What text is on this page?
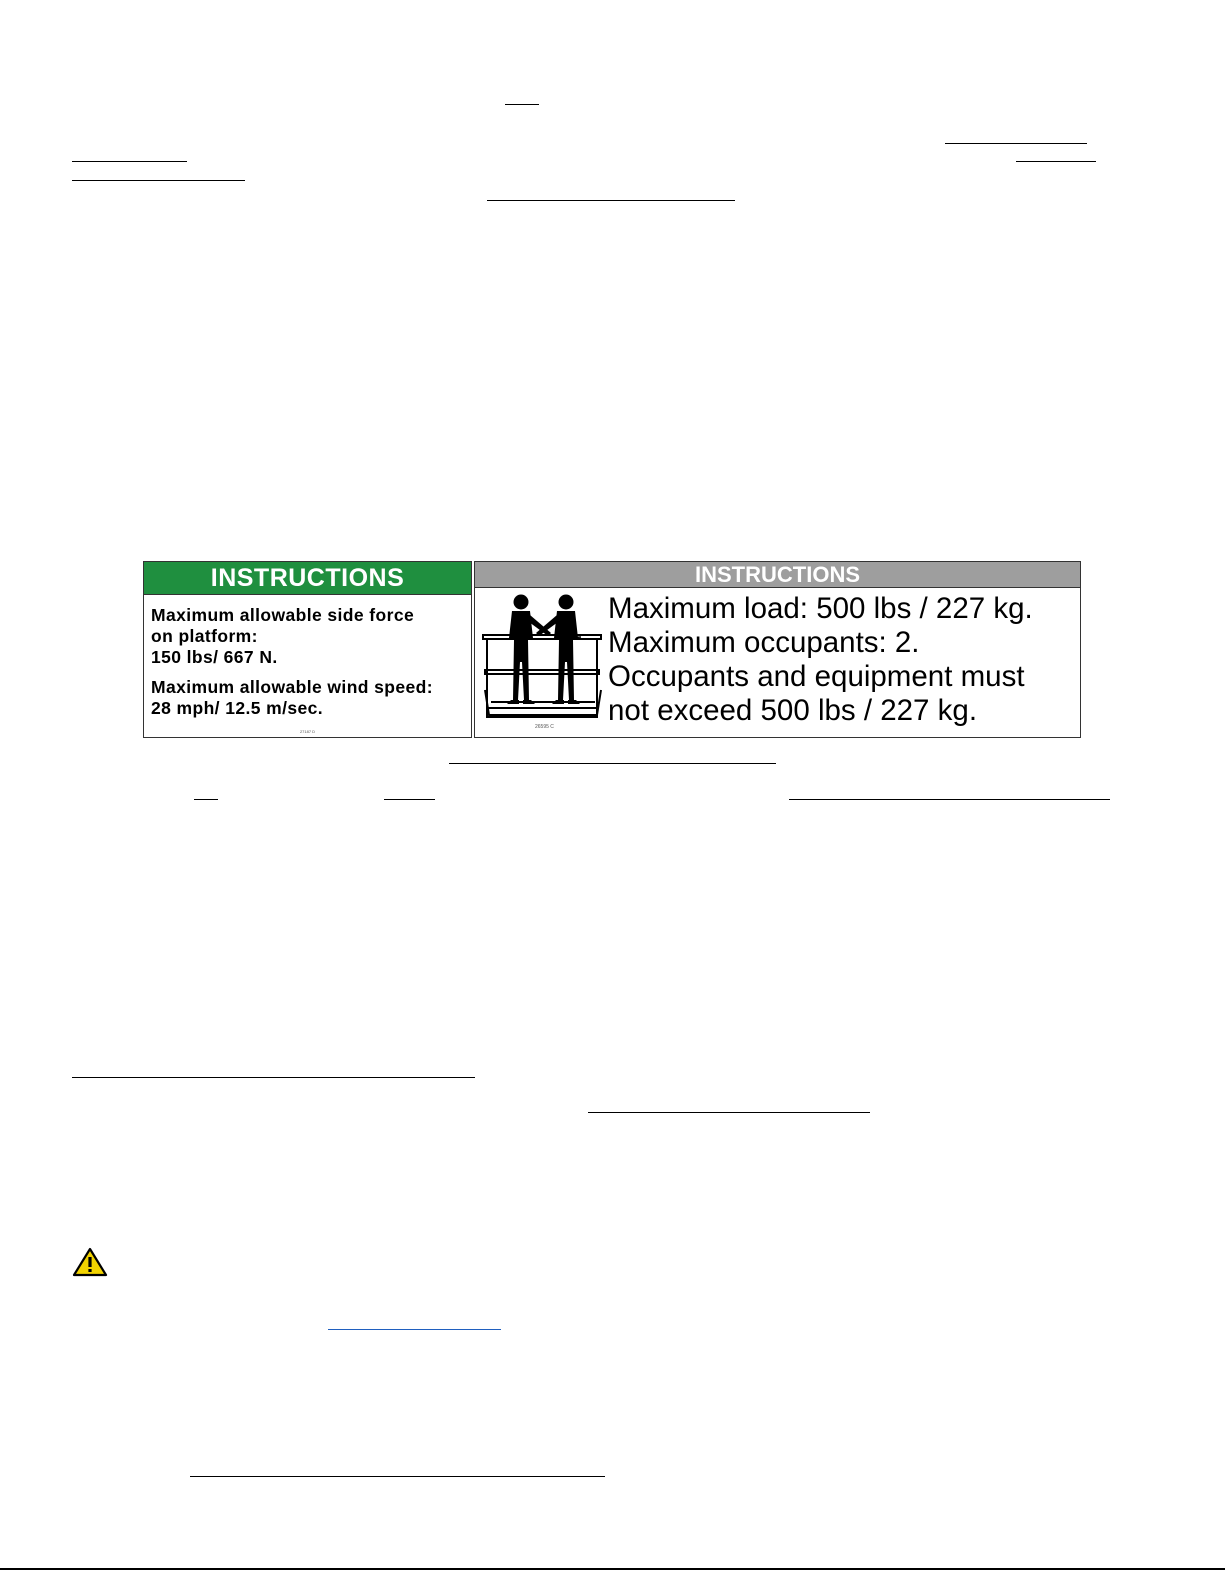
INSTRUCTIONS
Maximum allowable side force
on platform:
150 lbs/ 667 N.
Maximum allowable wind speed:
28 mph/ 12.5 m/sec.
27187 D
INSTRUCTIONS
26595 C
Maximum load: 500 lbs / 227 kg.
Maximum occupants: 2.
Occupants and equipment must
not exceed 500 lbs / 227 kg.
